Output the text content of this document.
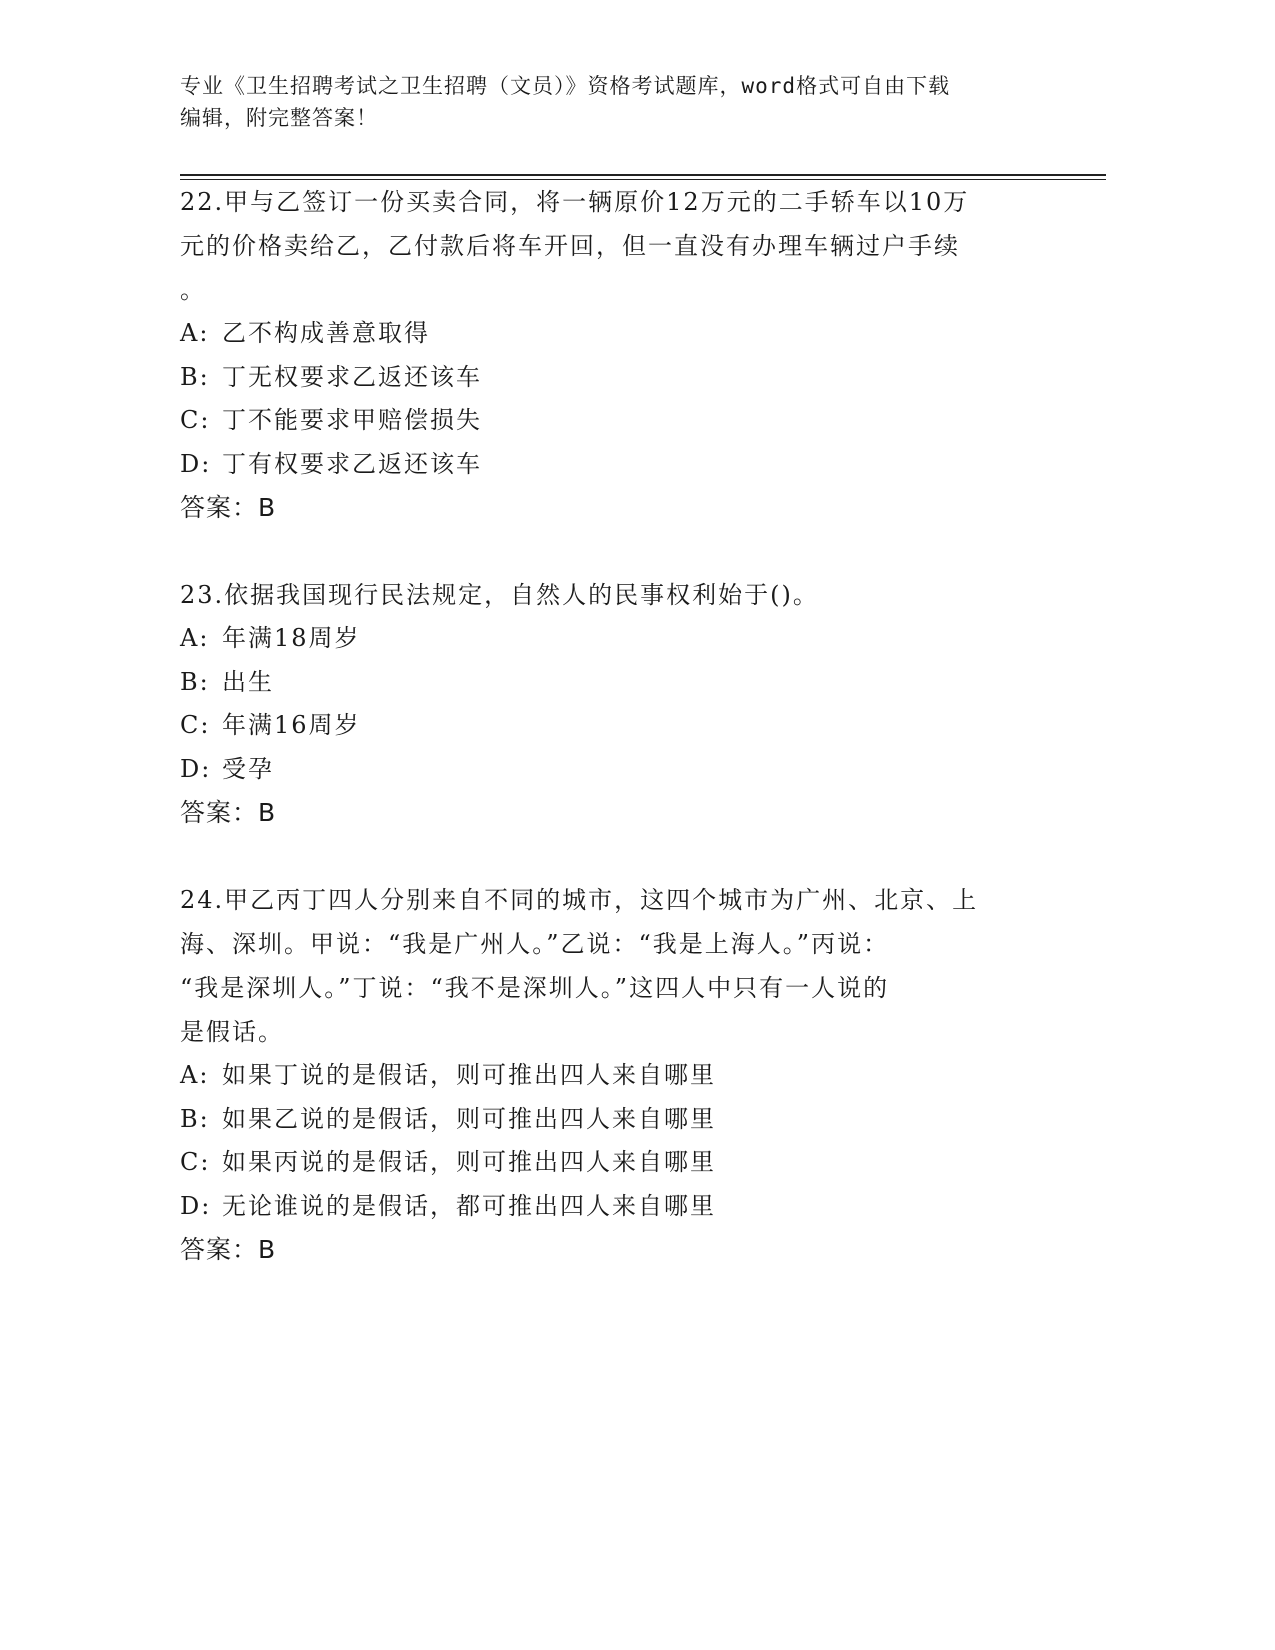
专业《卫生招聘考试之卫生招聘（文员）》资格考试题库，word格式可自由下载
编辑，附完整答案！
22.甲与乙签订一份买卖合同，将一辆原价12万元的二手轿车以10万
元的价格卖给乙，乙付款后将车开回，但一直没有办理车辆过户手续
。
A: 乙不构成善意取得
B: 丁无权要求乙返还该车
C: 丁不能要求甲赔偿损失
D: 丁有权要求乙返还该车
答案：B
23.依据我国现行民法规定，自然人的民事权利始于()。
A: 年满18周岁
B: 出生
C: 年满16周岁
D: 受孕
答案：B
24.甲乙丙丁四人分别来自不同的城市，这四个城市为广州、北京、上
海、深圳。甲说：“我是广州人。”乙说：“我是上海人。”丙说：
“我是深圳人。”丁说：“我不是深圳人。”这四人中只有一人说的
是假话。
A: 如果丁说的是假话，则可推出四人来自哪里
B: 如果乙说的是假话，则可推出四人来自哪里
C: 如果丙说的是假话，则可推出四人来自哪里
D: 无论谁说的是假话，都可推出四人来自哪里
答案：B
